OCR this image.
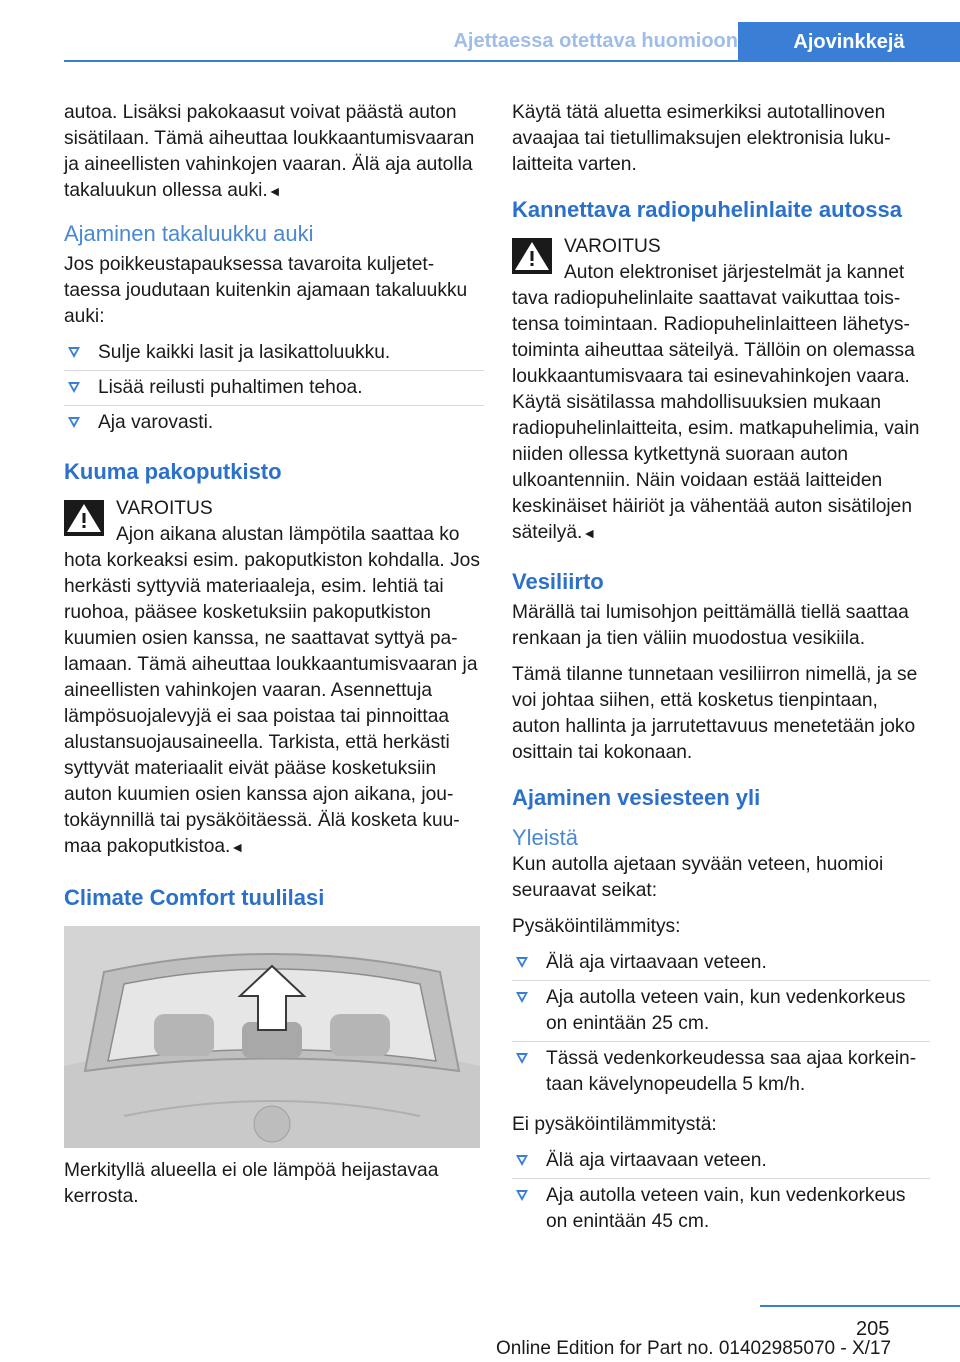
Ajettaessa otettava huomioon	Ajovinkkejä

autoa. Lisäksi pakokaasut voivat päästä auton sisätilaan. Tämä aiheuttaa loukkaantumisvaaran ja aineellisten vahinkojen vaaran. Älä aja autolla takaluukun ollessa auki.◄

Ajaminen takaluukku auki

Jos poikkeustapauksessa tavaroita kuljetettaessa joudutaan kuitenkin ajamaan takaluukku auki:

Sulje kaikki lasit ja lasikattoluukku.
Lisää reilusti puhaltimen tehoa.
Aja varovasti.
Kuuma pakoputkisto

VAROITUS

Ajon aikana alustan lämpötila saattaa ko

hota korkeaksi esim. pakoputkiston kohdalla. Jos herkästi syttyviä materiaaleja, esim. lehtiä tai ruohoa, pääsee kosketuksiin pakoputkiston kuumien osien kanssa, ne saattavat syttyä palamaan. Tämä aiheuttaa loukkaantumisvaaran ja aineellisten vahinkojen vaaran. Asennettuja lämpösuojalevyjä ei saa poistaa tai pinnoittaa alustansuojausaineella. Tarkista, että herkästi syttyvät materiaalit eivät pääse kosketuksiin auton kuumien osien kanssa ajon aikana, joutokäynnillä tai pysäköitäessä. Älä kosketa kuumaa pakoputkistoa.◄

Climate Comfort tuulilasi

Merkityllä alueella ei ole lämpöä heijastavaa kerrosta.

Käytä tätä aluetta esimerkiksi autotallinoven avaajaa tai tietullimaksujen elektronisia lukulaitteita varten.

Kannettava radiopuhelinlaite autossa

VAROITUS

Auton elektroniset järjestelmät ja kannet

tava radiopuhelinlaite saattavat vaikuttaa toistensa toimintaan. Radiopuhelinlaitteen lähetystoiminta aiheuttaa säteilyä. Tällöin on olemassa loukkaantumisvaara tai esinevahinkojen vaara. Käytä sisätilassa mahdollisuuksien mukaan radiopuhelinlaitteita, esim. matkapuhelimia, vain niiden ollessa kytkettynä suoraan auton ulkoantenniin. Näin voidaan estää laitteiden keskinäiset häiriöt ja vähentää auton sisätilojen säteilyä.◄

Vesiliirto

Märällä tai lumisohjon peittämällä tiellä saattaa renkaan ja tien väliin muodostua vesikiila.

Tämä tilanne tunnetaan vesiliirron nimellä, ja se voi johtaa siihen, että kosketus tienpintaan, auton hallinta ja jarrutettavuus menetetään joko osittain tai kokonaan.

Ajaminen vesiesteen yli
Yleistä

Kun autolla ajetaan syvään veteen, huomioi seuraavat seikat:

Pysäköintilämmitys:

Älä aja virtaavaan veteen.
Aja autolla veteen vain, kun vedenkorkeus on enintään 25 cm.
Tässä vedenkorkeudessa saa ajaa korkeintaan kävelynopeudella 5 km/h.

Ei pysäköintilämmitystä:

Älä aja virtaavaan veteen.
Aja autolla veteen vain, kun vedenkorkeus on enintään 45 cm.
205
Online Edition for Part no. 01402985070 - X/17
